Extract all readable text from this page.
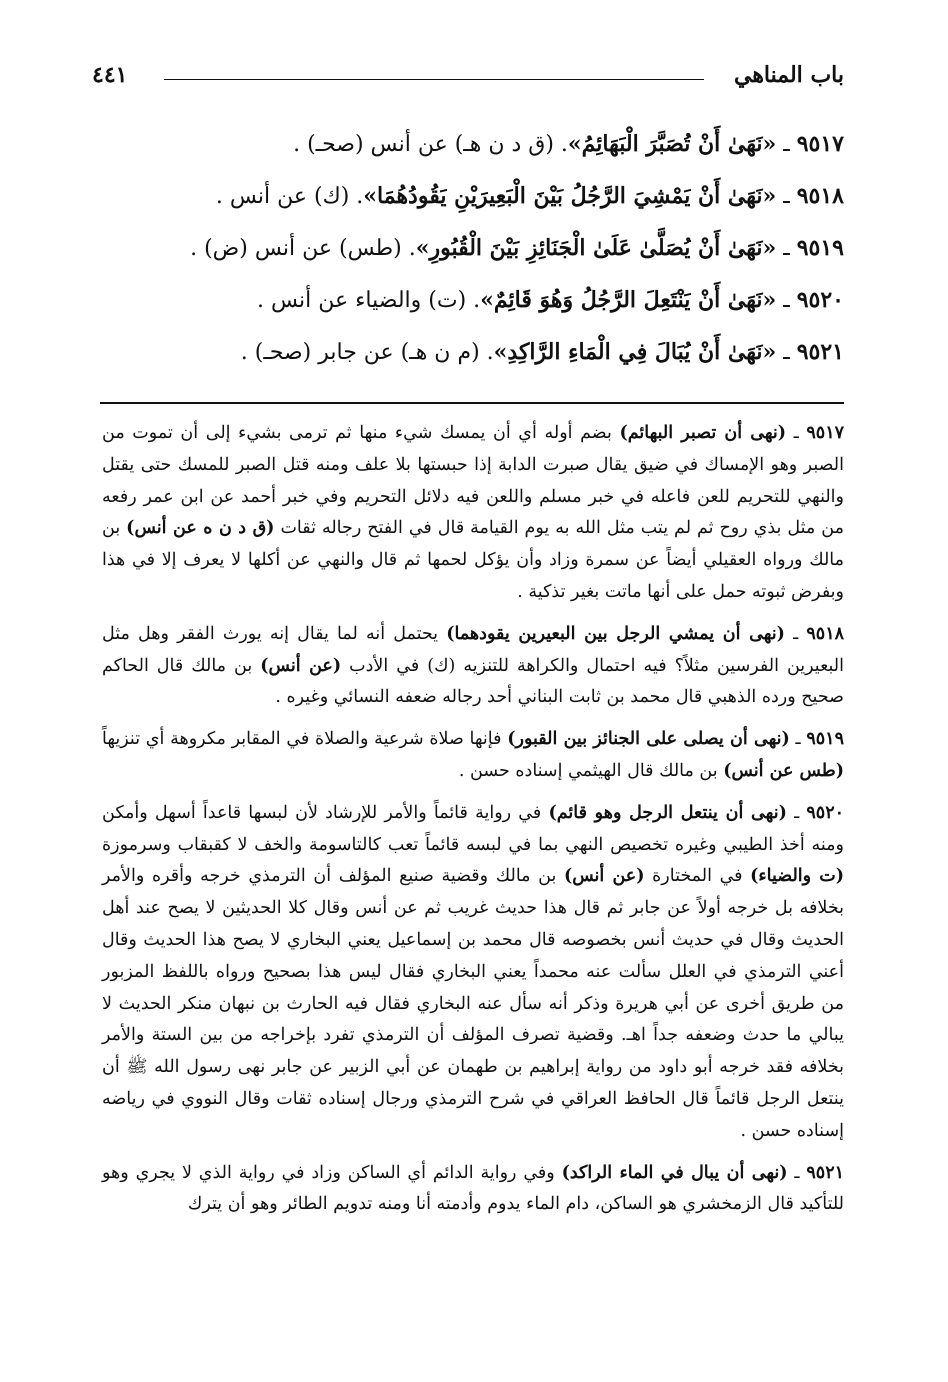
باب المناهي
٤٤١
٩٥١٧ ـ «نَهَىٰ أَنْ تُصَبَّرَ الْبَهَائِمُ». (ق د ن هـ) عن أنس (صحـ) .
٩٥١٨ ـ «نَهَىٰ أَنْ يَمْشِيَ الرَّجُلُ بَيْنَ الْبَعِيرَيْنِ يَقُودُهُمَا». (ك) عن أنس .
٩٥١٩ ـ «نَهَىٰ أَنْ يُصَلَّىٰ عَلَىٰ الْجَنَائِزِ بَيْنَ الْقُبُورِ». (طس) عن أنس (ض) .
٩٥٢٠ ـ «نَهَىٰ أَنْ يَنْتَعِلَ الرَّجُلُ وَهُوَ قَائِمٌ». (ت) والضياء عن أنس .
٩٥٢١ ـ «نَهَىٰ أَنْ يُبَالَ فِي الْمَاءِ الرَّاكِدِ». (م ن هـ) عن جابر (صحـ) .

٩٥١٧ ـ (نهى أن تصبر البهائم) بضم أوله أي أن يمسك شيء منها ثم ترمى بشيء إلى أن تموت من الصبر وهو الإمساك في ضيق يقال صبرت الدابة إذا حبستها بلا علف ومنه قتل الصبر للمسك حتى يقتل والنهي للتحريم للعن فاعله في خبر مسلم واللعن فيه دلائل التحريم وفي خبر أحمد عن ابن عمر رفعه من مثل بذي روح ثم لم يتب مثل الله به يوم القيامة قال في الفتح رجاله ثقات (ق د ن ه عن أنس) بن مالك ورواه العقيلي أيضاً عن سمرة وزاد وأن يؤكل لحمها ثم قال والنهي عن أكلها لا يعرف إلا في هذا وبفرض ثبوته حمل على أنها ماتت بغير تذكية .

٩٥١٨ ـ (نهى أن يمشي الرجل بين البعيرين يقودهما) يحتمل أنه لما يقال إنه يورث الفقر وهل مثل البعيرين الفرسين مثلاً؟ فيه احتمال والكراهة للتنزيه (ك) في الأدب (عن أنس) بن مالك قال الحاكم صحيح ورده الذهبي قال محمد بن ثابت البناني أحد رجاله ضعفه النسائي وغيره .

٩٥١٩ ـ (نهى أن يصلى على الجنائز بين القبور) فإنها صلاة شرعية والصلاة في المقابر مكروهة أي تنزيهاً (طس عن أنس) بن مالك قال الهيثمي إسناده حسن .

٩٥٢٠ ـ (نهى أن ينتعل الرجل وهو قائم) في رواية قائماً والأمر للإرشاد لأن لبسها قاعداً أسهل وأمكن ومنه أخذ الطيبي وغيره تخصيص النهي بما في لبسه قائماً تعب كالتاسومة والخف لا كقبقاب وسرموزة (ت والضياء) في المختارة (عن أنس) بن مالك وقضية صنيع المؤلف أن الترمذي خرجه وأقره والأمر بخلافه بل خرجه أولاً عن جابر ثم قال هذا حديث غريب ثم عن أنس وقال كلا الحديثين لا يصح عند أهل الحديث وقال في حديث أنس بخصوصه قال محمد بن إسماعيل يعني البخاري لا يصح هذا الحديث وقال أعني الترمذي في العلل سألت عنه محمداً يعني البخاري فقال ليس هذا بصحيح ورواه باللفظ المزبور من طريق أخرى عن أبي هريرة وذكر أنه سأل عنه البخاري فقال فيه الحارث بن نبهان منكر الحديث لا يبالي ما حدث وضعفه جداً اهـ. وقضية تصرف المؤلف أن الترمذي تفرد بإخراجه من بين الستة والأمر بخلافه فقد خرجه أبو داود من رواية إبراهيم بن طهمان عن أبي الزبير عن جابر نهى رسول الله ﷺ أن ينتعل الرجل قائماً قال الحافظ العراقي في شرح الترمذي ورجال إسناده ثقات وقال النووي في رياضه إسناده حسن .

٩٥٢١ ـ (نهى أن يبال في الماء الراكد) وفي رواية الدائم أي الساكن وزاد في رواية الذي لا يجري وهو للتأكيد قال الزمخشري هو الساكن، دام الماء يدوم وأدمته أنا ومنه تدويم الطائر وهو أن يترك
